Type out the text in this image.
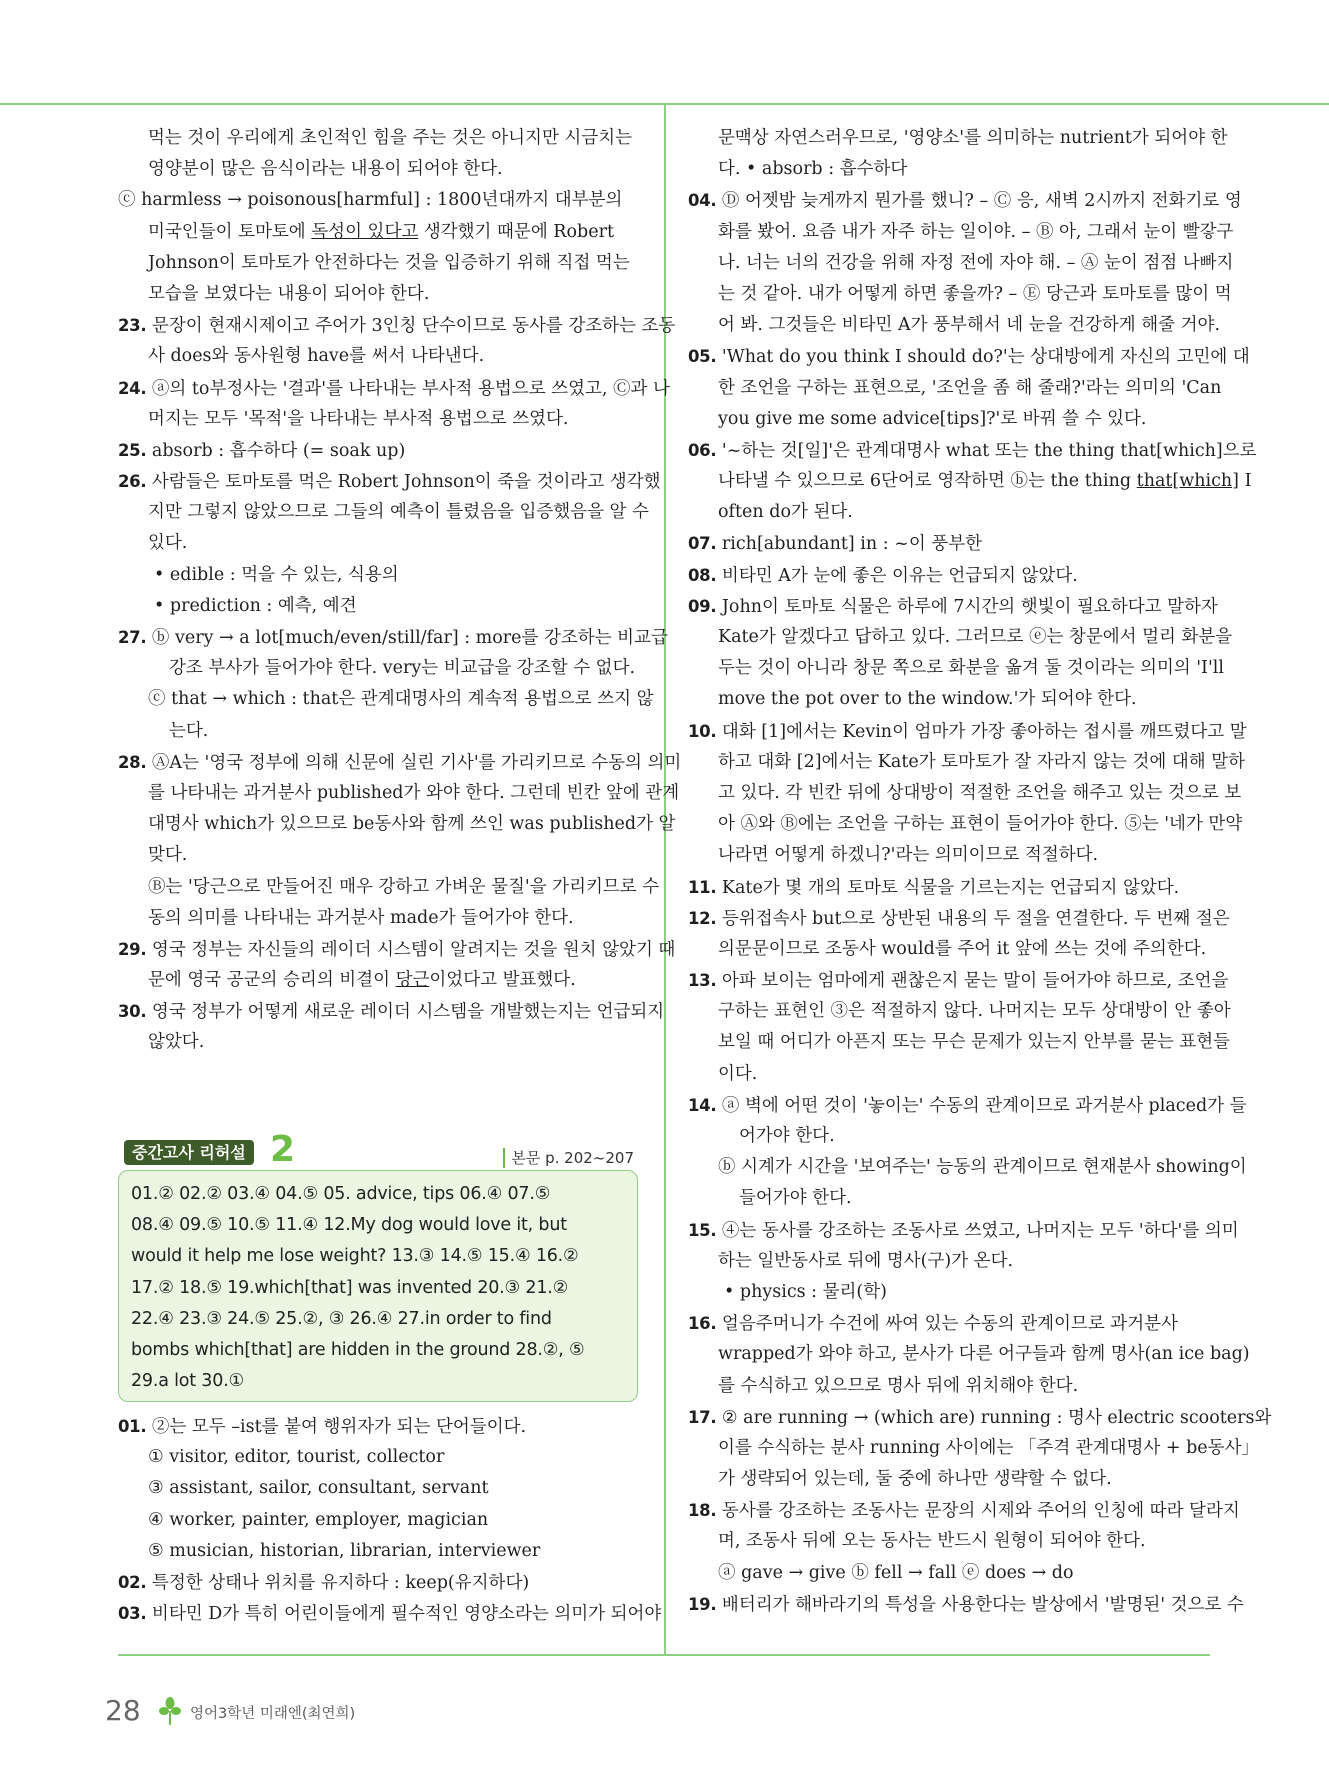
먹는 것이 우리에게 초인적인 힘을 주는 것은 아니지만 시금치는
영양분이 많은 음식이라는 내용이 되어야 한다.
ⓒ harmless → poisonous[harmful] : 1800년대까지 대부분의
미국인들이 토마토에 독성이 있다고 생각했기 때문에 Robert
Johnson이 토마토가 안전하다는 것을 입증하기 위해 직접 먹는
모습을 보였다는 내용이 되어야 한다.
23. 문장이 현재시제이고 주어가 3인칭 단수이므로 동사를 강조하는 조동
사 does와 동사원형 have를 써서 나타낸다.
24. ⓐ의 to부정사는 '결과'를 나타내는 부사적 용법으로 쓰였고, Ⓒ과 나
머지는 모두 '목적'을 나타내는 부사적 용법으로 쓰였다.
25. absorb : 흡수하다 (= soak up)
26. 사람들은 토마토를 먹은 Robert Johnson이 죽을 것이라고 생각했
지만 그렇지 않았으므로 그들의 예측이 틀렸음을 입증했음을 알 수
있다.
• edible : 먹을 수 있는, 식용의
• prediction : 예측, 예견
27. ⓑ very → a lot[much/even/still/far] : more를 강조하는 비교급
강조 부사가 들어가야 한다. very는 비교급을 강조할 수 없다.
ⓒ that → which : that은 관계대명사의 계속적 용법으로 쓰지 않
는다.
28. ⒶA는 '영국 정부에 의해 신문에 실린 기사'를 가리키므로 수동의 의미
를 나타내는 과거분사 published가 와야 한다. 그런데 빈칸 앞에 관계
대명사 which가 있으므로 be동사와 함께 쓰인 was published가 알
맞다.
Ⓑ는 '당근으로 만들어진 매우 강하고 가벼운 물질'을 가리키므로 수
동의 의미를 나타내는 과거분사 made가 들어가야 한다.
29. 영국 정부는 자신들의 레이더 시스템이 알려지는 것을 원치 않았기 때
문에 영국 공군의 승리의 비결이 당근이었다고 발표했다.
30. 영국 정부가 어떻게 새로운 레이더 시스템을 개발했는지는 언급되지
않았다.
01. ②는 모두 –ist를 붙여 행위자가 되는 단어들이다.
① visitor, editor, tourist, collector
③ assistant, sailor, consultant, servant
④ worker, painter, employer, magician
⑤ musician, historian, librarian, interviewer
02. 특정한 상태나 위치를 유지하다 : keep(유지하다)
03. 비타민 D가 특히 어린이들에게 필수적인 영양소라는 의미가 되어야
중간고사 리허설 2	본문 p. 202~207
01.② 02.② 03.④ 04.⑤ 05. advice, tips 06.④ 07.⑤
08.④ 09.⑤ 10.⑤ 11.④ 12.My dog would love it, but
would it help me lose weight? 13.③ 14.⑤ 15.④ 16.②
17.② 18.⑤ 19.which[that] was invented 20.③ 21.②
22.④ 23.③ 24.⑤ 25.②, ③ 26.④ 27.in order to find
bombs which[that] are hidden in the ground 28.②, ⑤
29.a lot 30.①
문맥상 자연스러우므로, '영양소'를 의미하는 nutrient가 되어야 한
다. • absorb : 흡수하다
04. Ⓓ 어젯밤 늦게까지 뭔가를 했니? – Ⓒ 응, 새벽 2시까지 전화기로 영
화를 봤어. 요즘 내가 자주 하는 일이야. – Ⓑ 아, 그래서 눈이 빨갛구
나. 너는 너의 건강을 위해 자정 전에 자야 해. – Ⓐ 눈이 점점 나빠지
는 것 같아. 내가 어떻게 하면 좋을까? – Ⓔ 당근과 토마토를 많이 먹
어 봐. 그것들은 비타민 A가 풍부해서 네 눈을 건강하게 해줄 거야.
05. 'What do you think I should do?'는 상대방에게 자신의 고민에 대
한 조언을 구하는 표현으로, '조언을 좀 해 줄래?'라는 의미의 'Can
you give me some advice[tips]?'로 바꿔 쓸 수 있다.
06. '~하는 것[일]'은 관계대명사 what 또는 the thing that[which]으로
나타낼 수 있으므로 6단어로 영작하면 ⓑ는 the thing that[which] I
often do가 된다.
07. rich[abundant] in : ~이 풍부한
08. 비타민 A가 눈에 좋은 이유는 언급되지 않았다.
09. John이 토마토 식물은 하루에 7시간의 햇빛이 필요하다고 말하자
Kate가 알겠다고 답하고 있다. 그러므로 ⓔ는 창문에서 멀리 화분을
두는 것이 아니라 창문 쪽으로 화분을 옮겨 둘 것이라는 의미의 'I'll
move the pot over to the window.'가 되어야 한다.
10. 대화 [1]에서는 Kevin이 엄마가 가장 좋아하는 접시를 깨뜨렸다고 말
하고 대화 [2]에서는 Kate가 토마토가 잘 자라지 않는 것에 대해 말하
고 있다. 각 빈칸 뒤에 상대방이 적절한 조언을 해주고 있는 것으로 보
아 Ⓐ와 Ⓑ에는 조언을 구하는 표현이 들어가야 한다. ⑤는 '네가 만약
나라면 어떻게 하겠니?'라는 의미이므로 적절하다.
11. Kate가 몇 개의 토마토 식물을 기르는지는 언급되지 않았다.
12. 등위접속사 but으로 상반된 내용의 두 절을 연결한다. 두 번째 절은
의문문이므로 조동사 would를 주어 it 앞에 쓰는 것에 주의한다.
13. 아파 보이는 엄마에게 괜찮은지 묻는 말이 들어가야 하므로, 조언을
구하는 표현인 ③은 적절하지 않다. 나머지는 모두 상대방이 안 좋아
보일 때 어디가 아픈지 또는 무슨 문제가 있는지 안부를 묻는 표현들
이다.
14. ⓐ 벽에 어떤 것이 '놓이는' 수동의 관계이므로 과거분사 placed가 들
어가야 한다.
ⓑ 시계가 시간을 '보여주는' 능동의 관계이므로 현재분사 showing이
들어가야 한다.
15. ④는 동사를 강조하는 조동사로 쓰였고, 나머지는 모두 '하다'를 의미
하는 일반동사로 뒤에 명사(구)가 온다.
• physics : 물리(학)
16. 얼음주머니가 수건에 싸여 있는 수동의 관계이므로 과거분사
wrapped가 와야 하고, 분사가 다른 어구들과 함께 명사(an ice bag)
를 수식하고 있으므로 명사 뒤에 위치해야 한다.
17. ② are running → (which are) running : 명사 electric scooters와
이를 수식하는 분사 running 사이에는 「주격 관계대명사 + be동사」
가 생략되어 있는데, 둘 중에 하나만 생략할 수 없다.
18. 동사를 강조하는 조동사는 문장의 시제와 주어의 인칭에 따라 달라지
며, 조동사 뒤에 오는 동사는 반드시 원형이 되어야 한다.
ⓐ gave → give ⓑ fell → fall ⓔ does → do
19. 배터리가 해바라기의 특성을 사용한다는 발상에서 '발명된' 것으로 수
28	영어3학년 미래엔(최연희)
